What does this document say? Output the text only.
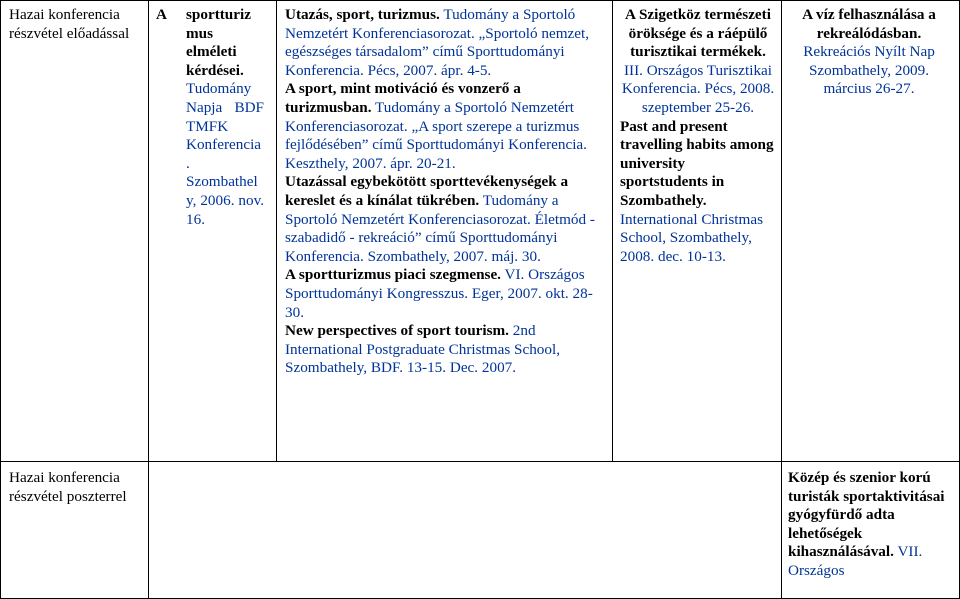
Hazai konferencia részvétel előadással
A	sportturiz mus elméleti kérdései. Tudomány Napja BDF TMFK Konferencia . Szombathel y, 2006. nov. 16.
Utazás, sport, turizmus. Tudomány a Sportoló Nemzetért Konferenciasorozat. „Sportoló nemzet, egészséges társadalom” című Sporttudományi Konferencia. Pécs, 2007. ápr. 4-5.
A sport, mint motiváció és vonzerő a turizmusban. Tudomány a Sportoló Nemzetért Konferenciasorozat. „A sport szerepe a turizmus fejlődésében” című Sporttudományi Konferencia. Keszthely, 2007. ápr. 20-21.
Utazással egybekötött sporttevékenységek a kereslet és a kínálat tükrében. Tudomány a Sportoló Nemzetért Konferenciasorozat. Életmód - szabadidő - rekreáció” című Sporttudományi Konferencia. Szombathely, 2007. máj. 30.
A sportturizmus piaci szegmense. VI. Országos Sporttudományi Kongresszus. Eger, 2007. okt. 28-30.
New perspectives of sport tourism. 2nd International Postgraduate Christmas School, Szombathely, BDF. 13-15. Dec. 2007.
A Szigetköz természeti öröksége és a ráépülő turisztikai termékek. III. Országos Turisztikai Konferencia. Pécs, 2008. szeptember 25-26.
Past and present travelling habits among university sportstudents in Szombathely. International Christmas School, Szombathely, 2008. dec. 10-13.
A víz felhasználása a rekreálódásban. Rekreációs Nyílt Nap Szombathely, 2009. március 26-27.
Hazai konferencia részvétel poszterrel
Közép és szenior korú turisták sportaktivitásai gyógyfürdő adta lehetőségek kihasználásával. VII. Országos
